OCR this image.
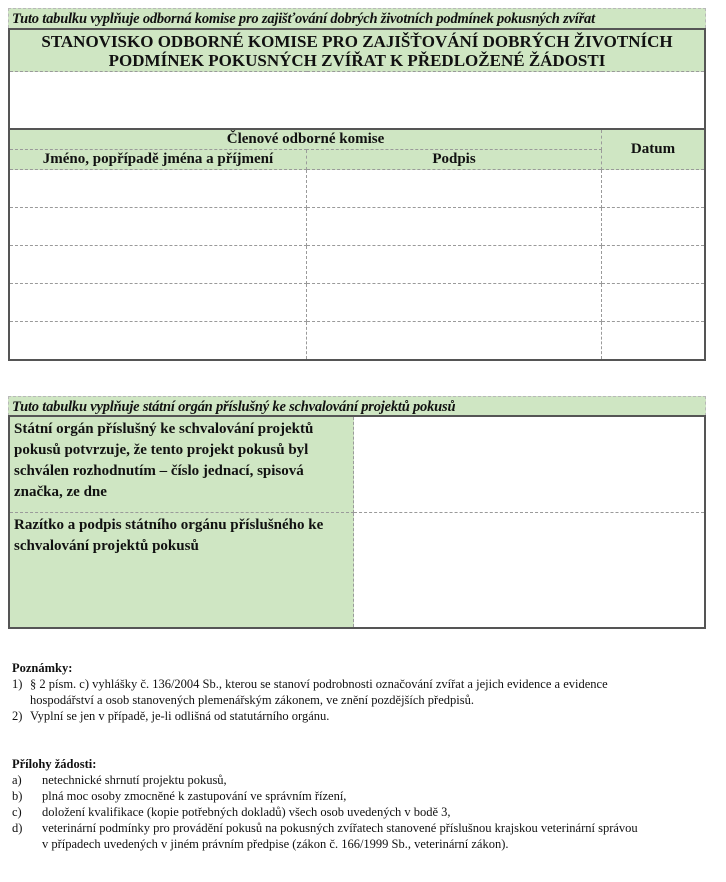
Tuto tabulku vyplňuje odborná komise pro zajišťování dobrých životních podmínek pokusných zvířat
STANOVISKO ODBORNÉ KOMISE PRO ZAJIŠŤOVÁNÍ DOBRÝCH ŽIVOTNÍCH
PODMÍNEK POKUSNÝCH ZVÍŘAT K PŘEDLOŽENÉ ŽÁDOSTI		

Členové odborné komise		Datum
Jméno, popřípadě jména a příjmení	Podpis	

Tuto tabulku vyplňuje státní orgán příslušný ke schvalování projektů pokusů
Státní orgán příslušný ke schvalování projektů pokusů potvrzuje, že tento projekt pokusů byl schválen rozhodnutím – číslo jednací, spisová značka, ze dne	
Razítko a podpis státního orgánu příslušného ke schvalování projektů pokusů	
Poznámky:
1) § 2 písm. c) vyhlášky č. 136/2004 Sb., kterou se stanoví podrobnosti označování zvířat a jejich evidence a evidence hospodářství a osob stanovených plemenářským zákonem, ve znění pozdějších předpisů.
2) Vyplní se jen v případě, je-li odlišná od statutárního orgánu.
Přílohy žádosti:
a)	netechnické shrnutí projektu pokusů,
b)	plná moc osoby zmocněné k zastupování ve správním řízení,
c)	doložení kvalifikace (kopie potřebných dokladů) všech osob uvedených v bodě 3,
d)	veterinární podmínky pro provádění pokusů na pokusných zvířatech stanovené příslušnou krajskou veterinární správou v případech uvedených v jiném právním předpise (zákon č. 166/1999 Sb., veterinární zákon).
